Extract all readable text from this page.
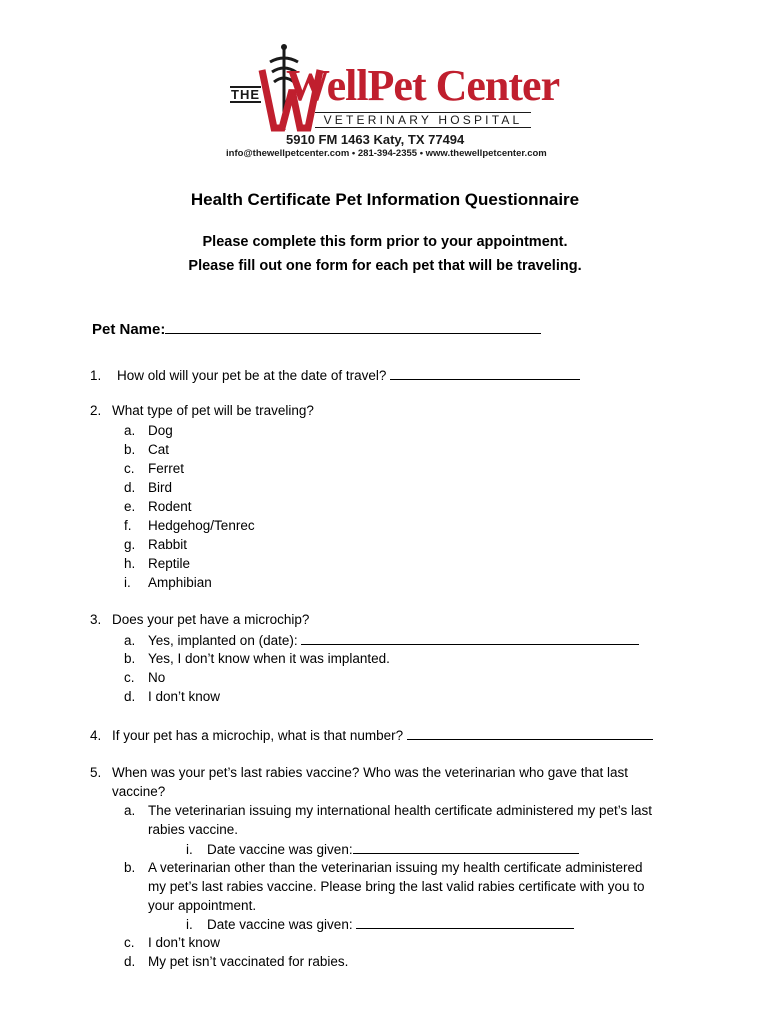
THE WellPet Center
VETERINARY HOSPITAL
5910 FM 1463 Katy, TX 77494
info@thewellpetcenter.com • 281-394-2355 • www.thewellpetcenter.com
Health Certificate Pet Information Questionnaire
Please complete this form prior to your appointment.
Please fill out one form for each pet that will be traveling.
Pet Name:
1. How old will your pet be at the date of travel?
2. What type of pet will be traveling?
a. Dog
b. Cat
c. Ferret
d. Bird
e. Rodent
f. Hedgehog/Tenrec
g. Rabbit
h. Reptile
i. Amphibian
3. Does your pet have a microchip?
a. Yes, implanted on (date):
b. Yes, I don’t know when it was implanted.
c. No
d. I don’t know
4. If your pet has a microchip, what is that number?
5. When was your pet’s last rabies vaccine? Who was the veterinarian who gave that last
vaccine?
a. The veterinarian issuing my international health certificate administered my pet’s last
rabies vaccine.
i. Date vaccine was given:
b. A veterinarian other than the veterinarian issuing my health certificate administered
my pet’s last rabies vaccine. Please bring the last valid rabies certificate with you to
your appointment.
i. Date vaccine was given:
c. I don’t know
d. My pet isn’t vaccinated for rabies.
